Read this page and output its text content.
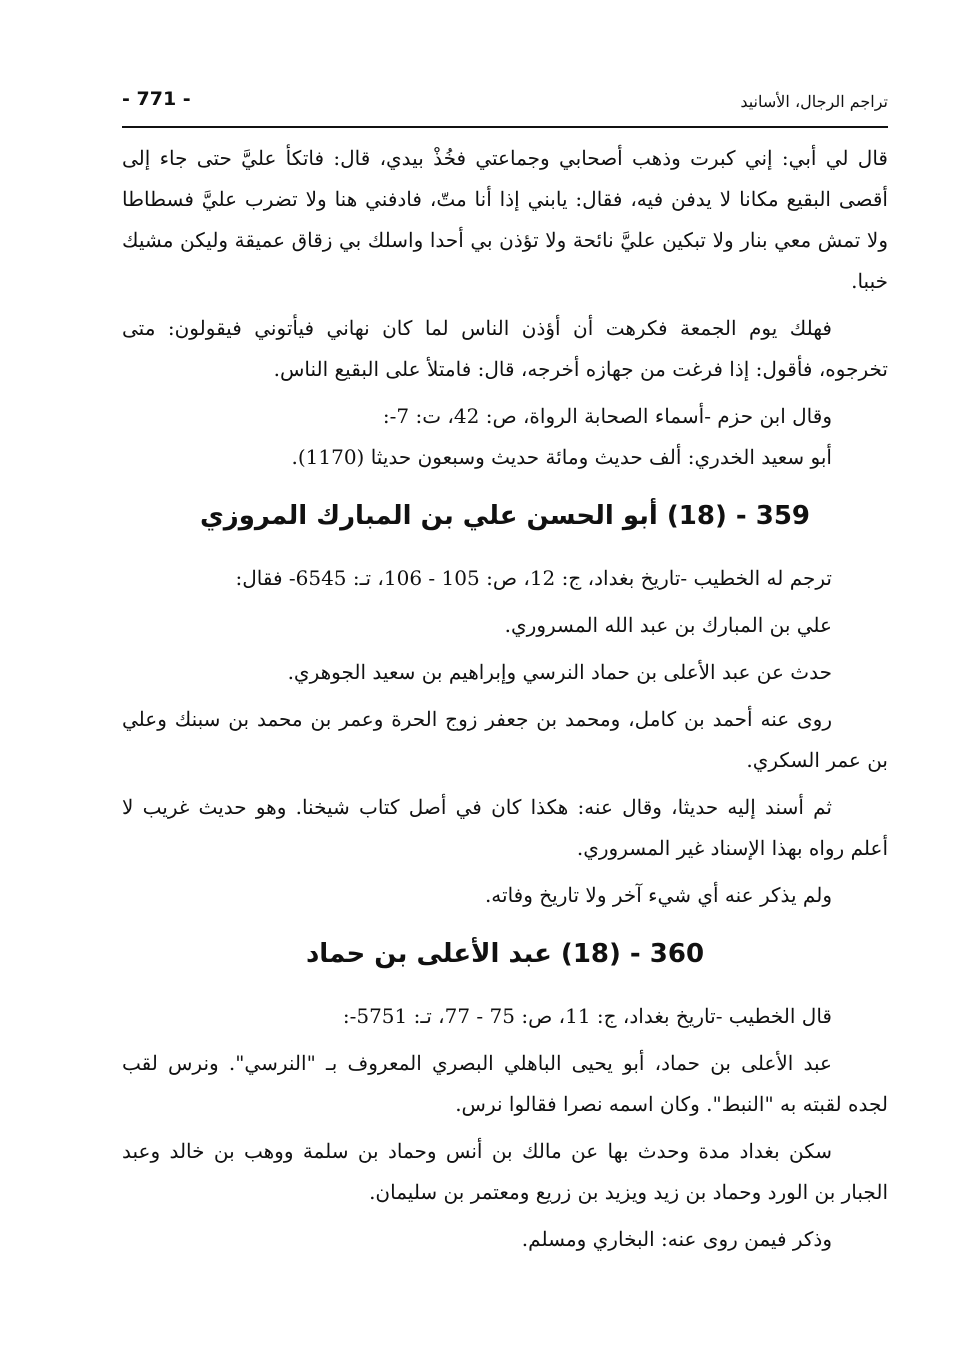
- 771 -	تراجم الرجال، الأسانيد

قال لي أبي: إني كبرت وذهب أصحابي وجماعتي فخُذْ بيدي، قال: فاتكأ عليَّ حتى جاء إلى أقصى البقيع مكانا لا يدفن فيه، فقال: يابني إذا أنا متّ، فادفني هنا ولا تضرب عليَّ فسطاطا ولا تمش معي بنار ولا تبكين عليَّ نائحة ولا تؤذن بي أحدا واسلك بي زقاق عميقة وليكن مشيك خببا.

فهلك يوم الجمعة فكرهت أن أؤذن الناس لما كان نهاني فيأتوني فيقولون: متى تخرجوه، فأقول: إذا فرغت من جهازه أخرجه، قال: فامتلأ على البقيع الناس.

وقال ابن حزم -أسماء الصحابة الرواة، ص: 42، ت: 7-:

أبو سعيد الخدري: ألف حديث ومائة حديث وسبعون حديثا (1170).

359 - (18) أبو الحسن علي بن المبارك المروزي

ترجم له الخطيب -تاريخ بغداد، ج: 12، ص: 105 - 106، تـ: 6545- فقال:

علي بن المبارك بن عبد الله المسروري.

حدث عن عبد الأعلى بن حماد النرسي وإبراهيم بن سعيد الجوهري.

روى عنه أحمد بن كامل، ومحمد بن جعفر زوج الحرة وعمر بن محمد بن سبنك وعلي بن عمر السكري.

ثم أسند إليه حديثا، وقال عنه: هكذا كان في أصل كتاب شيخنا. وهو حديث غريب لا أعلم رواه بهذا الإسناد غير المسروري.

ولم يذكر عنه أي شيء آخر ولا تاريخ وفاته.

360 - (18) عبد الأعلى بن حماد

قال الخطيب -تاريخ بغداد، ج: 11، ص: 75 - 77، تـ: 5751-:

عبد الأعلى بن حماد، أبو يحيى الباهلي البصري المعروف بـ "النرسي". ونرس لقب لجده لقبته به "النبط". وكان اسمه نصرا فقالوا نرس.

سكن بغداد مدة وحدث بها عن مالك بن أنس وحماد بن سلمة ووهب بن خالد وعبد الجبار بن الورد وحماد بن زيد ويزيد بن زريع ومعتمر بن سليمان.

وذكر فيمن روى عنه: البخاري ومسلم.
